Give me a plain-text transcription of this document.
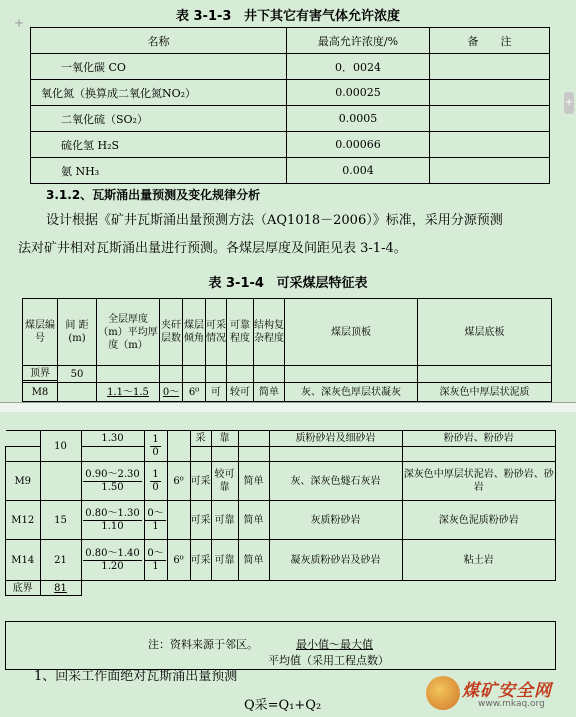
+
+
表 3-1-3 井下其它有害气体允许浓度
名称	最高允许浓度/%	备　　注
一氧化碳 CO	0．0024	
氧化氮（换算成二氧化氮NO₂）	0.00025	
二氧化硫（SO₂）	0.0005	
硫化氢 H₂S	0.00066	
氨 NH₃	0.004	
3.1.2、瓦斯涌出量预测及变化规律分析
设计根据《矿井瓦斯涌出量预测方法（AQ1018－2006）》标准，采用分源预测
法对矿井相对瓦斯涌出量进行预测。各煤层厚度及间距见表 3-1-4。
表 3-1-4 可采煤层特征表
煤层编号	间 距(m)	全层厚度（m）平均厚度（m）	夹矸层数	煤层倾角	可采情况	可靠程度	结构复杂程度	煤层顶板	煤层底板
顶界	50								

M8		1.1～1.5	0～	6⁰	可	较可	简单	灰、深灰色厚层状凝灰	深灰色中厚层状泥质
	10	1.30	$\frac{1}{0}$		采	靠		质粉砂岩及细砂岩	粉砂岩、粉砂岩

M9		$\frac{0.90\sim 2.30}{1.50}$	$\frac{1}{0}$	6⁰	可采	较可靠	简单	灰、深灰色燧石灰岩	深灰色中厚层状泥岩、粉砂岩、砂岩
M12	15	$\frac{0.80\sim 1.30}{1.10}$	$\frac{0\sim}{1}$		可采	可靠	简单	灰质粉砂岩	深灰色泥质粉砂岩
M14	21	$\frac{0.80\sim 1.40}{1.20}$	$\frac{0\sim}{1}$	6⁰	可采	可靠	简单	凝灰质粉砂岩及砂岩	粘土岩
底界	81								
注：资料来源于邻区。	最小值～最大值
平均值（采用工程点数）
1、回采工作面绝对瓦斯涌出量预测
Q采=Q₁+Q₂
煤矿安全网
www.mkaq.org
